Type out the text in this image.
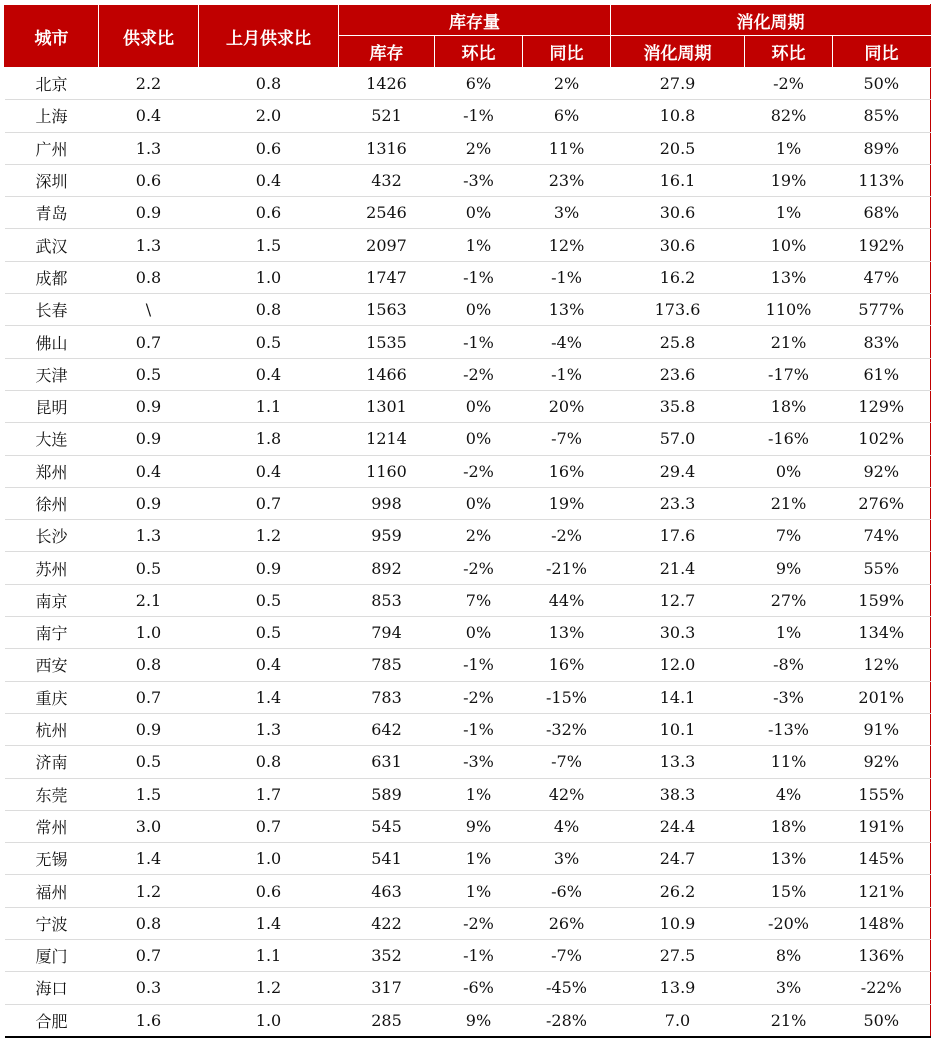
城市	供求比	上月供求比	库存量			消化周期		
			库存	环比	同比	消化周期	环比	同比
北京	2.2	0.8	1426	6%	2%	27.9	-2%	50%
上海	0.4	2.0	521	-1%	6%	10.8	82%	85%
广州	1.3	0.6	1316	2%	11%	20.5	1%	89%
深圳	0.6	0.4	432	-3%	23%	16.1	19%	113%
青岛	0.9	0.6	2546	0%	3%	30.6	1%	68%
武汉	1.3	1.5	2097	1%	12%	30.6	10%	192%
成都	0.8	1.0	1747	-1%	-1%	16.2	13%	47%
长春	\	0.8	1563	0%	13%	173.6	110%	577%
佛山	0.7	0.5	1535	-1%	-4%	25.8	21%	83%
天津	0.5	0.4	1466	-2%	-1%	23.6	-17%	61%
昆明	0.9	1.1	1301	0%	20%	35.8	18%	129%
大连	0.9	1.8	1214	0%	-7%	57.0	-16%	102%
郑州	0.4	0.4	1160	-2%	16%	29.4	0%	92%
徐州	0.9	0.7	998	0%	19%	23.3	21%	276%
长沙	1.3	1.2	959	2%	-2%	17.6	7%	74%
苏州	0.5	0.9	892	-2%	-21%	21.4	9%	55%
南京	2.1	0.5	853	7%	44%	12.7	27%	159%
南宁	1.0	0.5	794	0%	13%	30.3	1%	134%
西安	0.8	0.4	785	-1%	16%	12.0	-8%	12%
重庆	0.7	1.4	783	-2%	-15%	14.1	-3%	201%
杭州	0.9	1.3	642	-1%	-32%	10.1	-13%	91%
济南	0.5	0.8	631	-3%	-7%	13.3	11%	92%
东莞	1.5	1.7	589	1%	42%	38.3	4%	155%
常州	3.0	0.7	545	9%	4%	24.4	18%	191%
无锡	1.4	1.0	541	1%	3%	24.7	13%	145%
福州	1.2	0.6	463	1%	-6%	26.2	15%	121%
宁波	0.8	1.4	422	-2%	26%	10.9	-20%	148%
厦门	0.7	1.1	352	-1%	-7%	27.5	8%	136%
海口	0.3	1.2	317	-6%	-45%	13.9	3%	-22%
合肥	1.6	1.0	285	9%	-28%	7.0	21%	50%
